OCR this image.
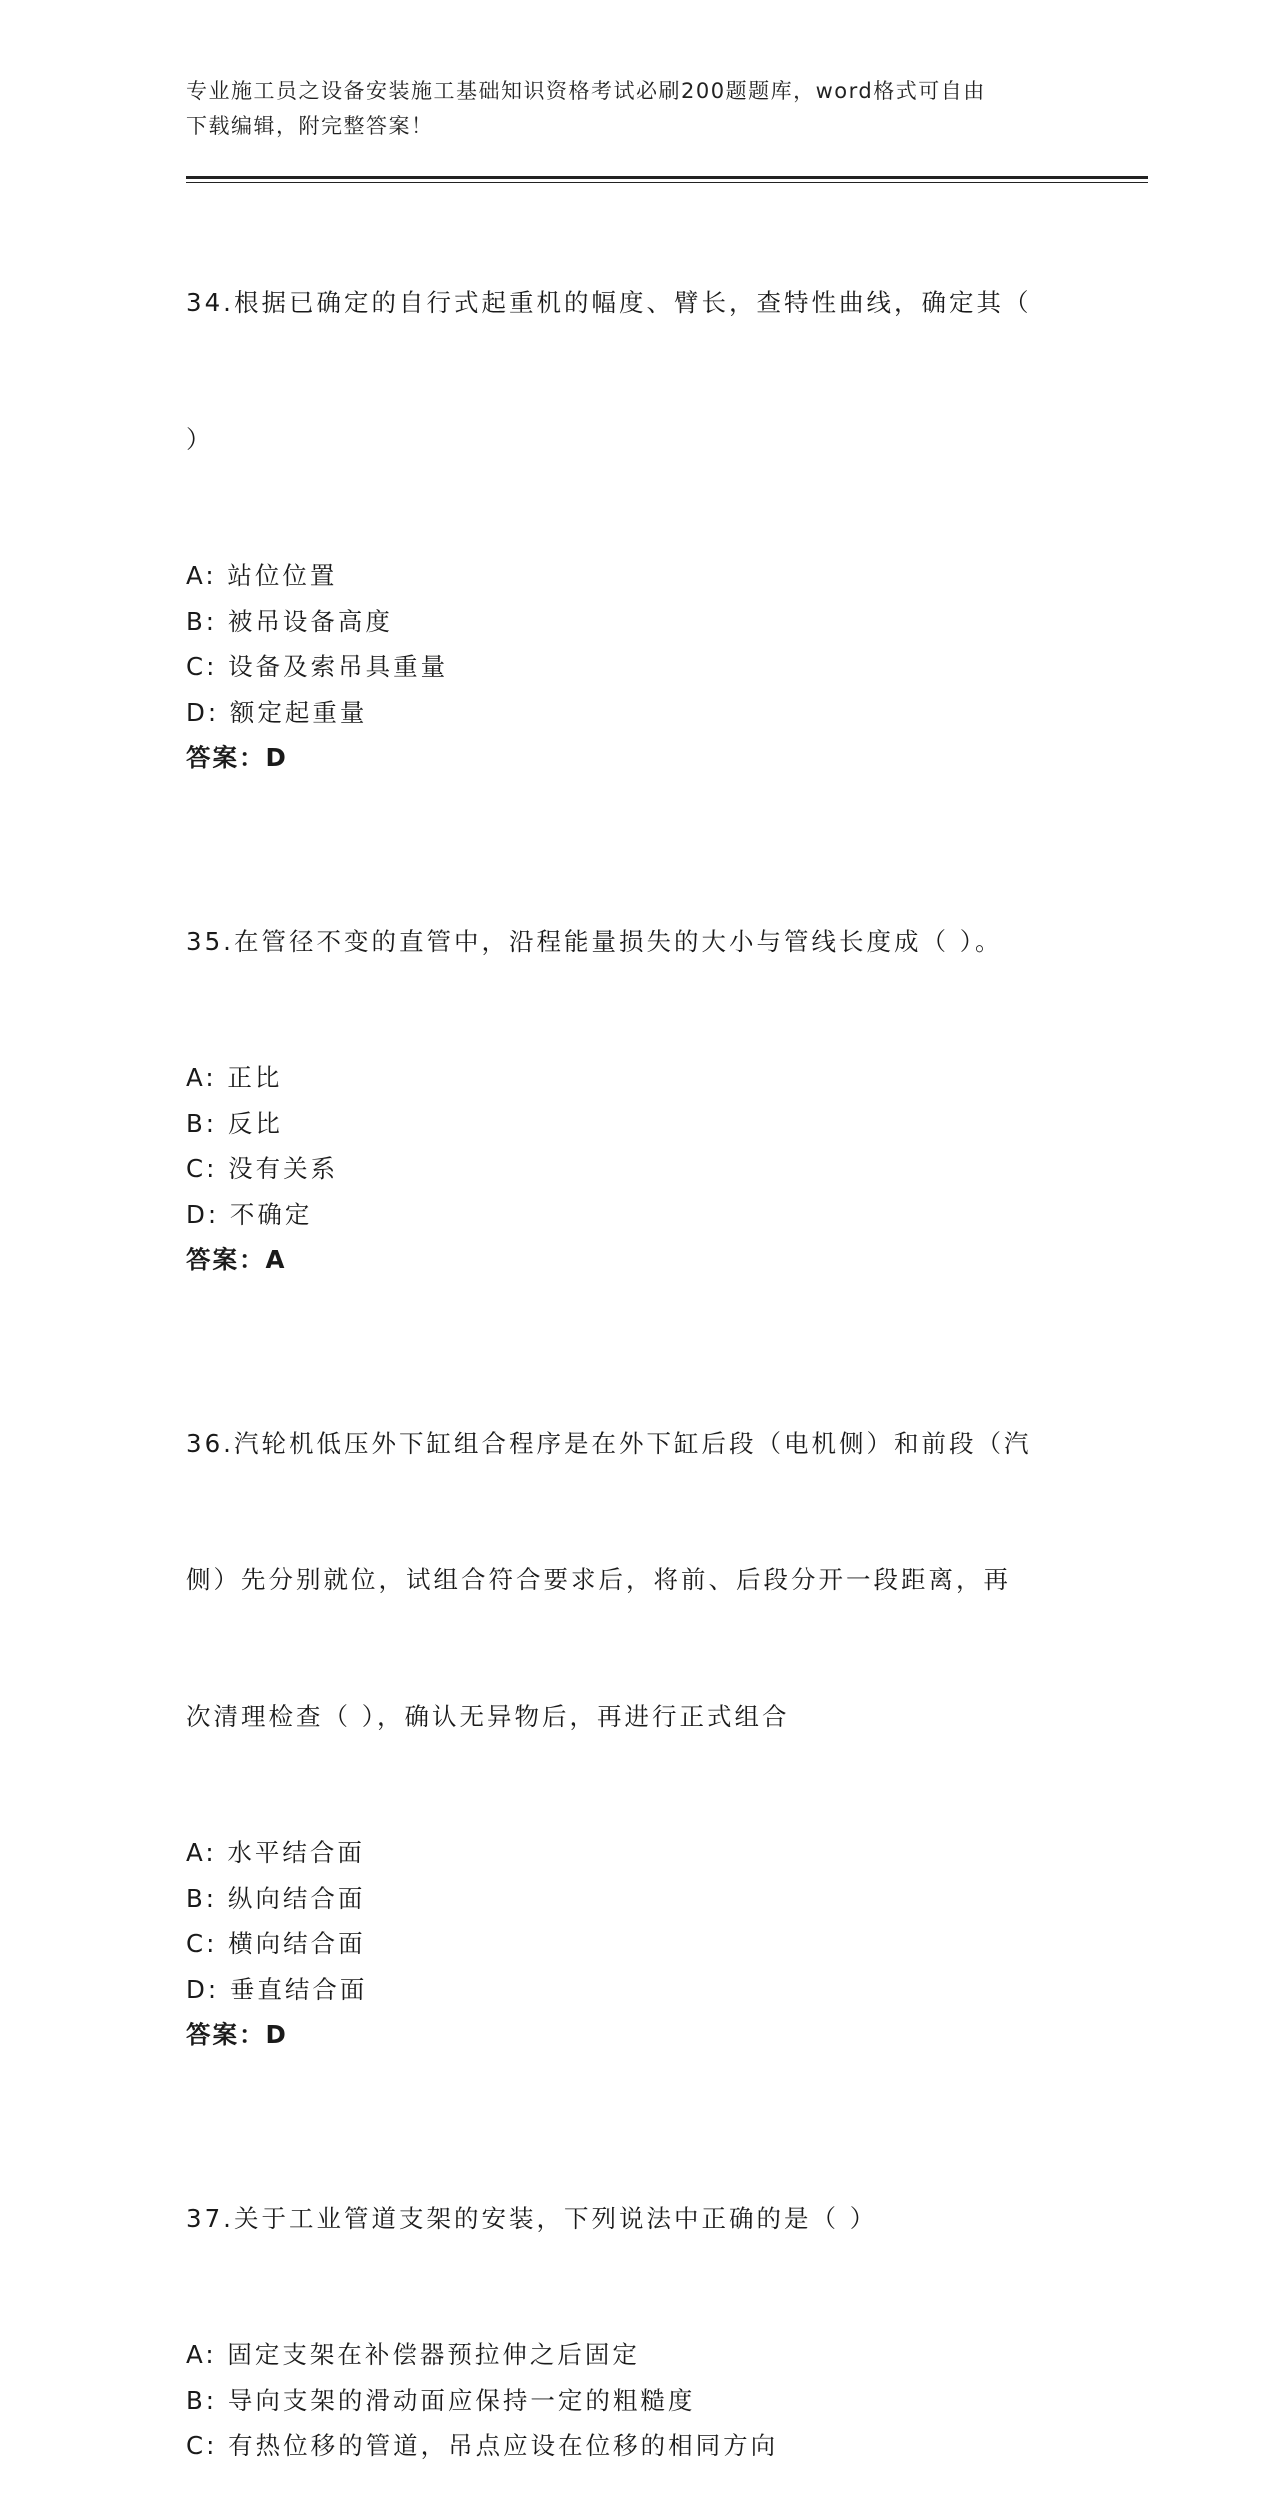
专业施工员之设备安装施工基础知识资格考试必刷200题题库，word格式可自由
下载编辑，附完整答案！

34.根据已确定的自行式起重机的幅度、臂长，查特性曲线，确定其（

）

A: 站位位置
B: 被吊设备高度
C: 设备及索吊具重量
D: 额定起重量
答案：D

35.在管径不变的直管中，沿程能量损失的大小与管线长度成（ ）。

A: 正比
B: 反比
C: 没有关系
D: 不确定
答案：A

36.汽轮机低压外下缸组合程序是在外下缸后段（电机侧）和前段（汽

侧）先分别就位，试组合符合要求后，将前、后段分开一段距离，再

次清理检查（ ），确认无异物后，再进行正式组合

A: 水平结合面
B: 纵向结合面
C: 横向结合面
D: 垂直结合面
答案：D

37.关于工业管道支架的安装，下列说法中正确的是（ ）

A: 固定支架在补偿器预拉伸之后固定
B: 导向支架的滑动面应保持一定的粗糙度
C: 有热位移的管道，吊点应设在位移的相同方向
